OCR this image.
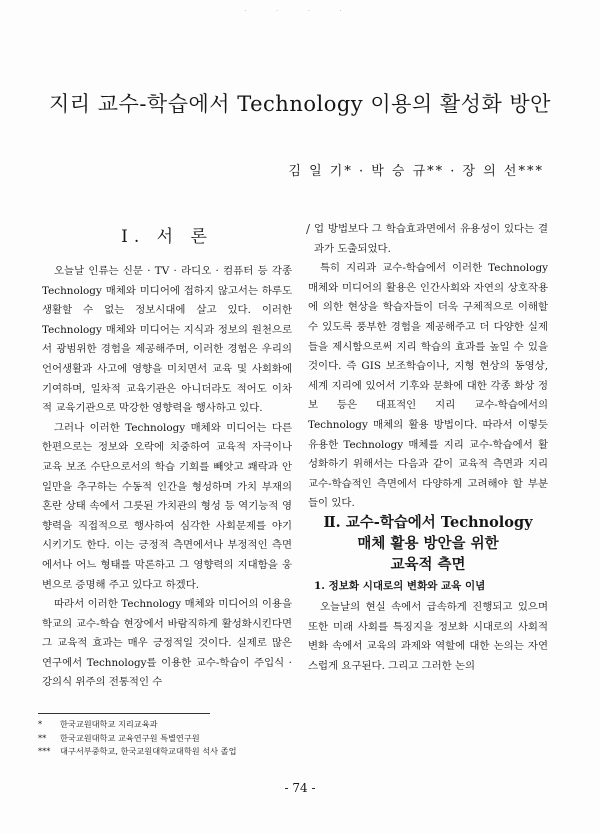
· · · ·
지리 교수-학습에서 Technology 이용의 활성화 방안
김 일 기* · 박 승 규** · 장 의 선***
Ⅰ. 서 론

오늘날 인류는 신문 · TV · 라디오 · 컴퓨터 등 각종 Technology 매체와 미디어에 접하지 않고서는 하루도 생활할 수 없는 정보시대에 살고 있다. 이러한 Technology 매체와 미디어는 지식과 정보의 원천으로서 광범위한 경험을 제공해주며, 이러한 경험은 우리의 언어생활과 사고에 영향을 미치면서 교육 및 사회화에 기여하며, 일차적 교육기관은 아니더라도 적어도 이차적 교육기관으로 막강한 영향력을 행사하고 있다.

그러나 이러한 Technology 매체와 미디어는 다른 한편으로는 정보와 오락에 치중하여 교육적 자극이나 교육 보조 수단으로서의 학습 기회를 빼앗고 쾌락과 안일만을 추구하는 수동적 인간을 형성하며 가치 부재의 혼란 상태 속에서 그릇된 가치관의 형성 등 역기능적 영향력을 직접적으로 행사하여 심각한 사회문제를 야기 시키기도 한다. 이는 긍정적 측면에서나 부정적인 측면에서나 어느 형태를 막론하고 그 영향력의 지대함을 웅변으로 증명해 주고 있다고 하겠다.

따라서 이러한 Technology 매체와 미디어의 이용을 학교의 교수-학습 현장에서 바람직하게 활성화시킨다면 그 교육적 효과는 매우 긍정적일 것이다. 실제로 많은 연구에서 Technology를 이용한 교수-학습이 주입식 · 강의식 위주의 전통적인 수

/ 업 방법보다 그 학습효과면에서 유용성이 있다는 결과가 도출되었다.

특히 지리과 교수-학습에서 이러한 Technology 매체와 미디어의 활용은 인간사회와 자연의 상호작용에 의한 현상을 학습자들이 더욱 구체적으로 이해할 수 있도록 풍부한 경험을 제공해주고 더 다양한 실제들을 제시함으로써 지리 학습의 효과를 높일 수 있을 것이다. 즉 GIS 보조학습이나, 지형 현상의 동영상, 세계 지리에 있어서 기후와 문화에 대한 각종 화상 정보 등은 대표적인 지리 교수-학습에서의 Technology 매체의 활용 방법이다. 따라서 이렇듯 유용한 Technology 매체를 지리 교수-학습에서 활성화하기 위해서는 다음과 같이 교육적 측면과 지리 교수-학습적인 측면에서 다양하게 고려해야 할 부분들이 있다.

Ⅱ. 교수-학습에서 Technology
매체 활용 방안을 위한
교육적 측면
1. 정보화 시대로의 변화와 교육 이념

오늘날의 현실 속에서 급속하게 진행되고 있으며 또한 미래 사회를 특징지을 정보화 시대로의 사회적 변화 속에서 교육의 과제와 역할에 대한 논의는 자연스럽게 요구된다. 그리고 그러한 논의

*	한국교원대학교 지리교육과
**	한국교원대학교 교육연구원 특별연구원
*** 대구서부중학교, 한국교원대학교대학원 석사 졸업
- 74 -
